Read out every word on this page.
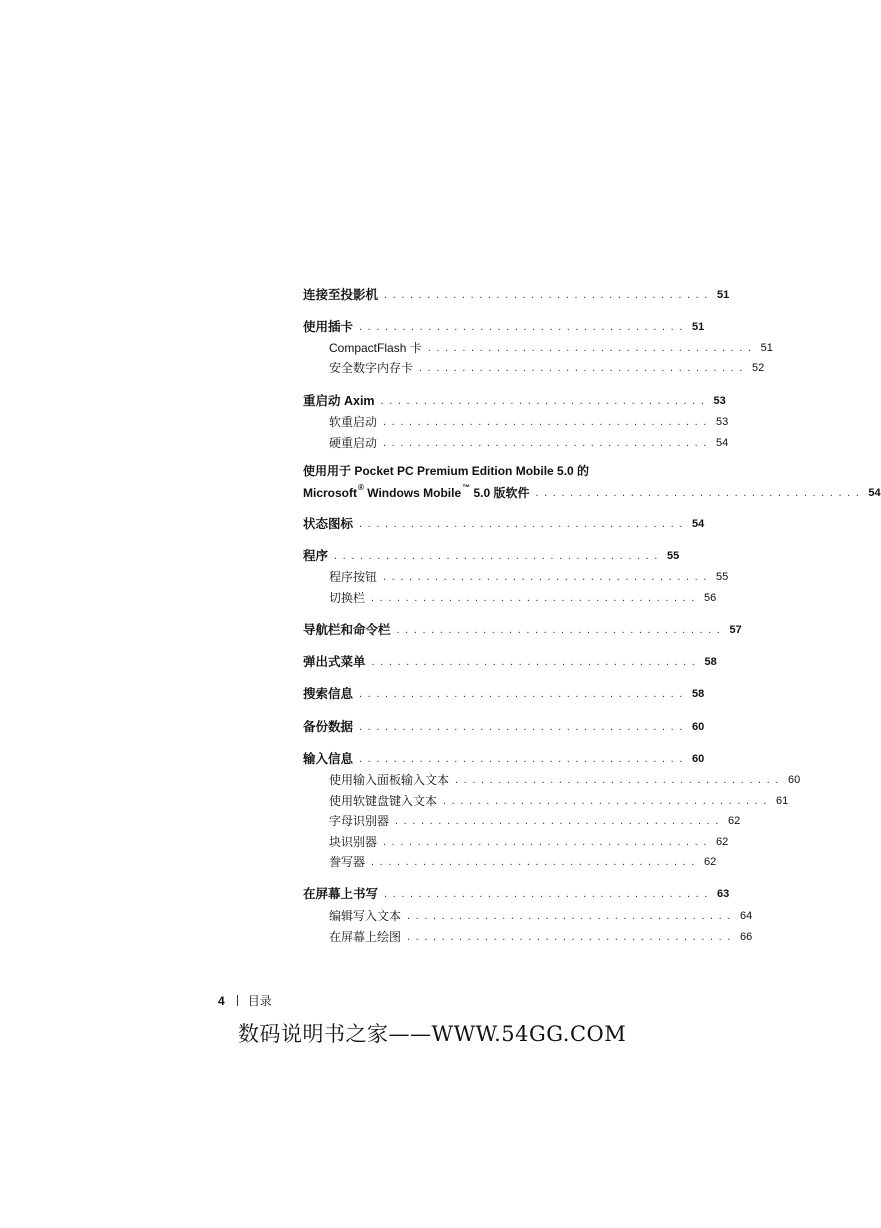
使用用于 Pocket PC Premium Edition Mobile 5.0 的
Microsoft® Windows Mobile™ 5.0 版软件 ...................................... 54
连接至投影机 ...................................... 51
使用插卡 ...................................... 51
CompactFlash 卡 ...................................... 51
安全数字内存卡 ...................................... 52
重启动 Axim ...................................... 53
软重启动 ...................................... 53
硬重启动 ...................................... 54
状态图标 ...................................... 54
程序 ...................................... 55
程序按钮 ...................................... 55
切换栏 ...................................... 56
导航栏和命令栏 ...................................... 57
弹出式菜单 ...................................... 58
搜索信息 ...................................... 58
备份数据 ...................................... 60
输入信息 ...................................... 60
使用输入面板输入文本 ...................................... 60
使用软键盘键入文本 ...................................... 61
字母识别器 ...................................... 62
块识别器 ...................................... 62
誊写器 ...................................... 62
在屏幕上书写 ...................................... 63
编辑写入文本 ...................................... 64
在屏幕上绘图 ...................................... 66
4 目录
数码说明书之家——WWW.54GG.COM
